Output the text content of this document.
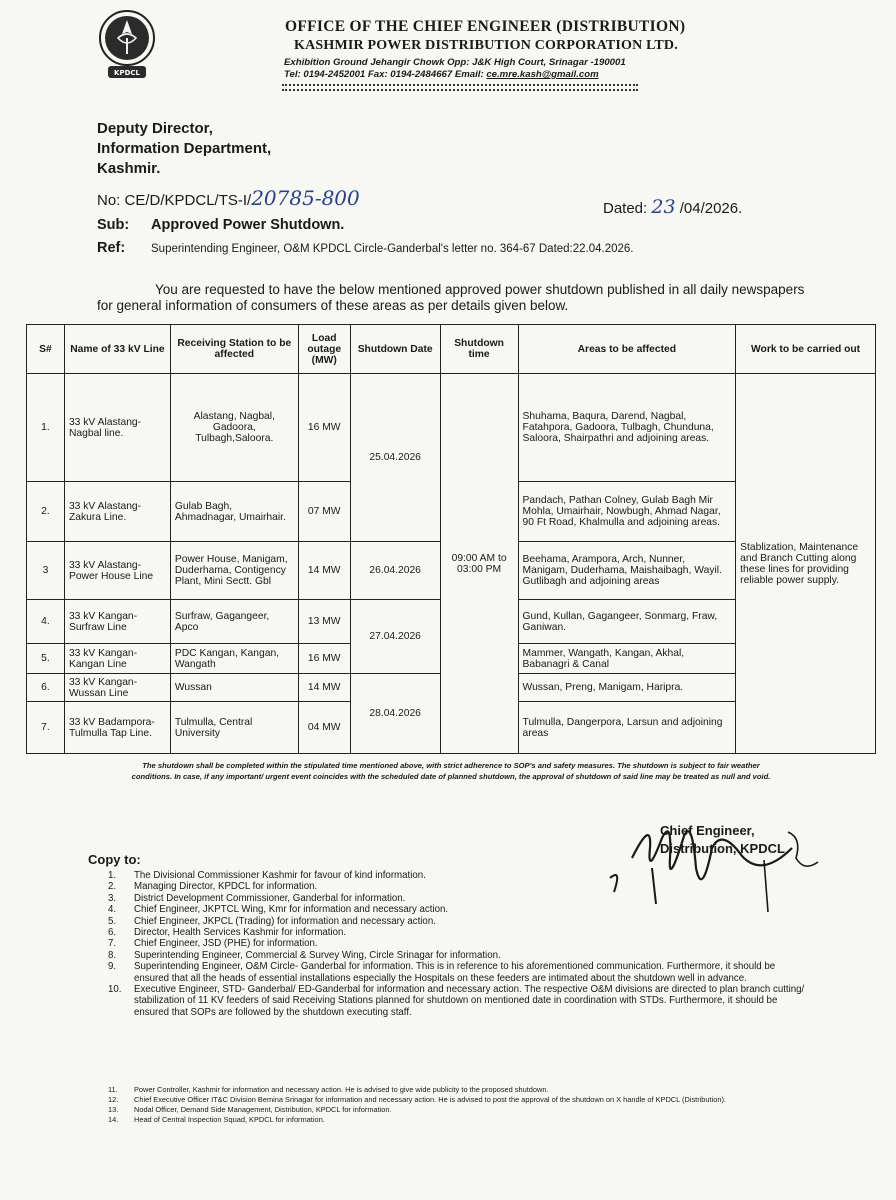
KPDCL
OFFICE OF THE CHIEF ENGINEER (DISTRIBUTION)
KASHMIR POWER DISTRIBUTION CORPORATION LTD.
Exhibition Ground Jehangir Chowk Opp: J&K High Court, Srinagar -190001
Tel: 0194-2452001 Fax: 0194-2484667 Email: ce.mre.kash@gmail.com
Deputy Director,
Information Department,
Kashmir.
No: CE/D/KPDCL/TS-I/20785-800	Dated: 23 /04/2026.
Sub: Approved Power Shutdown.
Ref: Superintending Engineer, O&M KPDCL Circle-Ganderbal's letter no. 364-67 Dated:22.04.2026.
You are requested to have the below mentioned approved power shutdown published in all daily newspapers
for general information of consumers of these areas as per details given below.
S#	Name of 33 kV Line	Receiving Station to be affected	Load outage (MW)	Shutdown Date	Shutdown time	Areas to be affected	Work to be carried out
1.	33 kV Alastang-Nagbal line.	Alastang, Nagbal, Gadoora, Tulbagh,Saloora.	16 MW	25.04.2026	09:00 AM to 03:00 PM	Shuhama, Baqura, Darend, Nagbal, Fatahpora, Gadoora, Tulbagh, Chunduna, Saloora, Shairpathri and adjoining areas.	Stablization, Maintenance and Branch Cutting along these lines for providing reliable power supply.
2.	33 kV Alastang-Zakura Line.	Gulab Bagh, Ahmadnagar, Umairhair.	07 MW			Pandach, Pathan Colney, Gulab Bagh Mir Mohla, Umairhair, Nowbugh, Ahmad Nagar, 90 Ft Road, Khalmulla and adjoining areas.	
3	33 kV Alastang-Power House Line	Power House, Manigam, Duderhama, Contigency Plant, Mini Sectt. Gbl	14 MW	26.04.2026		Beehama, Arampora, Arch, Nunner, Manigam, Duderhama, Maishaibagh, Wayil. Gutlibagh and adjoining areas	
4.	33 kV Kangan-Surfraw Line	Surfraw, Gagangeer, Apco	13 MW	27.04.2026		Gund, Kullan, Gagangeer, Sonmarg, Fraw, Ganiwan.	
5.	33 kV Kangan-Kangan Line	PDC Kangan, Kangan, Wangath	16 MW			Mammer, Wangath, Kangan, Akhal, Babanagri & Canal	
6.	33 kV Kangan-Wussan Line	Wussan	14 MW	28.04.2026		Wussan, Preng, Manigam, Haripra.	
7.	33 kV Badampora-Tulmulla Tap Line.	Tulmulla, Central University	04 MW			Tulmulla, Dangerpora, Larsun and adjoining areas	
The shutdown shall be completed within the stipulated time mentioned above, with strict adherence to SOP's and safety measures. The shutdown is subject to fair weather
conditions. In case, if any important/ urgent event coincides with the scheduled date of planned shutdown, the approval of shutdown of said line may be treated as null and void.
Chief Engineer,
Distribution, KPDCL
Copy to:
1.	The Divisional Commissioner Kashmir for favour of kind information.
2.	Managing Director, KPDCL for information.
3.	District Development Commissioner, Ganderbal for information.
4.	Chief Engineer, JKPTCL Wing, Kmr for information and necessary action.
5.	Chief Engineer, JKPCL (Trading) for information and necessary action.
6.	Director, Health Services Kashmir for information.
7.	Chief Engineer, JSD (PHE) for information.
8.	Superintending Engineer, Commercial & Survey Wing, Circle Srinagar for information.
9.	Superintending Engineer, O&M Circle- Ganderbal for information. This is in reference to his aforementioned communication. Furthermore, it should be ensured that all the heads of essential installations especially the Hospitals on these feeders are intimated about the shutdown well in advance.
10.	Executive Engineer, STD- Ganderbal/ ED-Ganderbal for information and necessary action. The respective O&M divisions are directed to plan branch cutting/ stabilization of 11 KV feeders of said Receiving Stations planned for shutdown on mentioned date in coordination with STDs. Furthermore, it should be ensured that SOPs are followed by the shutdown executing staff.
11.	Power Controller, Kashmir for information and necessary action. He is advised to give wide publicity to the proposed shutdown.
12.	Chief Executive Officer IT&C Division Bemina Srinagar for information and necessary action. He is advised to post the approval of the shutdown on X handle of KPDCL (Distribution).
13.	Nodal Officer, Demand Side Management, Distribution, KPDCL for information.
14.	Head of Central Inspection Squad, KPDCL for information.
